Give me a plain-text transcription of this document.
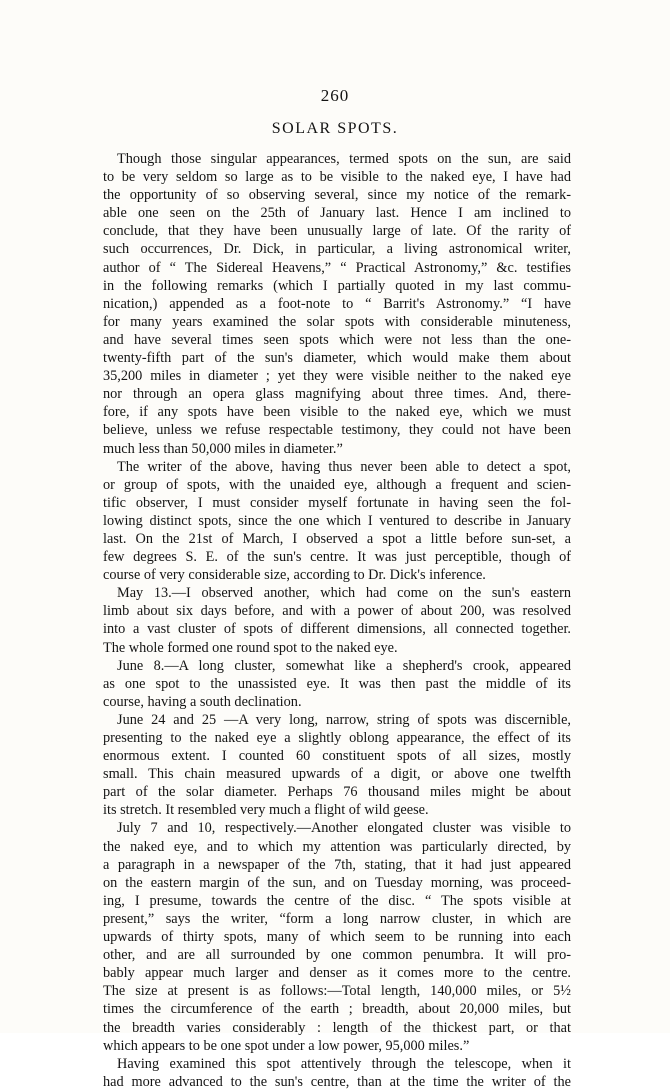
260
SOLAR SPOTS.
Though those singular appearances, termed spots on the sun, are said
to be very seldom so large as to be visible to the naked eye, I have had
the opportunity of so observing several, since my notice of the remark-
able one seen on the 25th of January last. Hence I am inclined to
conclude, that they have been unusually large of late. Of the rarity of
such occurrences, Dr. Dick, in particular, a living astronomical writer,
author of “ The Sidereal Heavens,” “ Practical Astronomy,” &c. testifies
in the following remarks (which I partially quoted in my last commu-
nication,) appended as a foot-note to “ Barrit's Astronomy.” “I have
for many years examined the solar spots with considerable minuteness,
and have several times seen spots which were not less than the one-
twenty-fifth part of the sun's diameter, which would make them about
35,200 miles in diameter ; yet they were visible neither to the naked eye
nor through an opera glass magnifying about three times. And, there-
fore, if any spots have been visible to the naked eye, which we must
believe, unless we refuse respectable testimony, they could not have been
much less than 50,000 miles in diameter.”
The writer of the above, having thus never been able to detect a spot,
or group of spots, with the unaided eye, although a frequent and scien-
tific observer, I must consider myself fortunate in having seen the fol-
lowing distinct spots, since the one which I ventured to describe in January
last. On the 21st of March, I observed a spot a little before sun-set, a
few degrees S. E. of the sun's centre. It was just perceptible, though of
course of very considerable size, according to Dr. Dick's inference.
May 13.—I observed another, which had come on the sun's eastern
limb about six days before, and with a power of about 200, was resolved
into a vast cluster of spots of different dimensions, all connected together.
The whole formed one round spot to the naked eye.
June 8.—A long cluster, somewhat like a shepherd's crook, appeared
as one spot to the unassisted eye. It was then past the middle of its
course, having a south declination.
June 24 and 25 —A very long, narrow, string of spots was discernible,
presenting to the naked eye a slightly oblong appearance, the effect of its
enormous extent. I counted 60 constituent spots of all sizes, mostly
small. This chain measured upwards of a digit, or above one twelfth
part of the solar diameter. Perhaps 76 thousand miles might be about
its stretch. It resembled very much a flight of wild geese.
July 7 and 10, respectively.—Another elongated cluster was visible to
the naked eye, and to which my attention was particularly directed, by
a paragraph in a newspaper of the 7th, stating, that it had just appeared
on the eastern margin of the sun, and on Tuesday morning, was proceed-
ing, I presume, towards the centre of the disc. “ The spots visible at
present,” says the writer, “form a long narrow cluster, in which are
upwards of thirty spots, many of which seem to be running into each
other, and are all surrounded by one common penumbra. It will pro-
bably appear much larger and denser as it comes more to the centre.
The size at present is as follows:—Total length, 140,000 miles, or 5½
times the circumference of the earth ; breadth, about 20,000 miles, but
the breadth varies considerably : length of the thickest part, or that
which appears to be one spot under a low power, 95,000 miles.”
Having examined this spot attentively through the telescope, when it
had more advanced to the sun's centre, than at the time the writer of the
